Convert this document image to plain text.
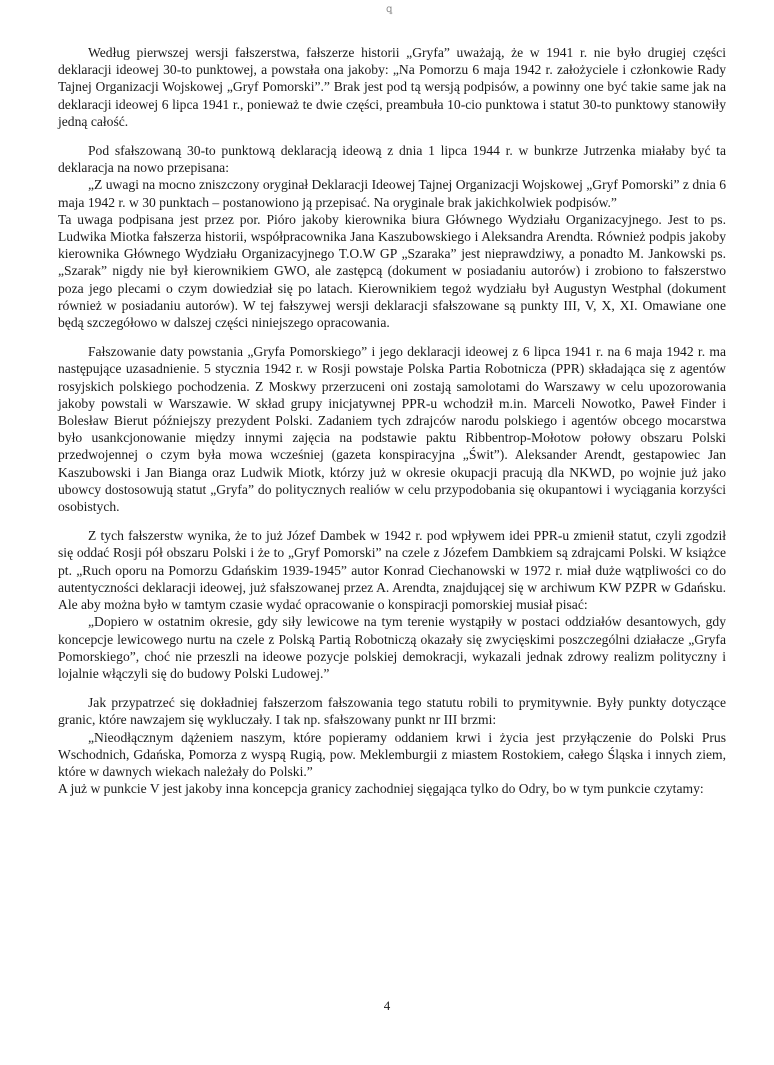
ꝗ

Według pierwszej wersji fałszerstwa, fałszerze historii „Gryfa” uważają, że w 1941 r. nie było drugiej części deklaracji ideowej 30-to punktowej, a powstała ona jakoby: „Na Pomorzu 6 maja 1942 r. założyciele i członkowie Rady Tajnej Organizacji Wojskowej „Gryf Pomorski”.” Brak jest pod tą wersją podpisów, a powinny one być takie same jak na deklaracji ideowej 6 lipca 1941 r., ponieważ te dwie części, preambuła 10-cio punktowa i statut 30-to punktowy stanowiły jedną całość.

Pod sfałszowaną 30-to punktową deklaracją ideową z dnia 1 lipca 1944 r. w bunkrze Jutrzenka miałaby być ta deklaracja na nowo przepisana:

„Z uwagi na mocno zniszczony oryginał Deklaracji Ideowej Tajnej Organizacji Wojskowej „Gryf Pomorski” z dnia 6 maja 1942 r. w 30 punktach – postanowiono ją przepisać. Na oryginale brak jakichkolwiek podpisów.”

Ta uwaga podpisana jest przez por. Pióro jakoby kierownika biura Głównego Wydziału Organizacyjnego. Jest to ps. Ludwika Miotka fałszerza historii, współpracownika Jana Kaszubowskiego i Aleksandra Arendta. Również podpis jakoby kierownika Głównego Wydziału Organizacyjnego T.O.W GP „Szaraka” jest nieprawdziwy, a ponadto M. Jankowski ps. „Szarak” nigdy nie był kierownikiem GWO, ale zastępcą (dokument w posiadaniu autorów) i zrobiono to fałszerstwo poza jego plecami o czym dowiedział się po latach. Kierownikiem tegoż wydziału był Augustyn Westphal (dokument również w posiadaniu autorów). W tej fałszywej wersji deklaracji sfałszowane są punkty III, V, X, XI. Omawiane one będą szczegółowo w dalszej części niniejszego opracowania.

Fałszowanie daty powstania „Gryfa Pomorskiego” i jego deklaracji ideowej z 6 lipca 1941 r. na 6 maja 1942 r. ma następujące uzasadnienie. 5 stycznia 1942 r. w Rosji powstaje Polska Partia Robotnicza (PPR) składająca się z agentów rosyjskich polskiego pochodzenia. Z Moskwy przerzuceni oni zostają samolotami do Warszawy w celu upozorowania jakoby powstali w Warszawie. W skład grupy inicjatywnej PPR-u wchodził m.in. Marceli Nowotko, Paweł Finder i Bolesław Bierut późniejszy prezydent Polski. Zadaniem tych zdrajców narodu polskiego i agentów obcego mocarstwa było usankcjonowanie między innymi zajęcia na podstawie paktu Ribbentrop-Mołotow połowy obszaru Polski przedwojennej o czym była mowa wcześniej (gazeta konspiracyjna „Świt”). Aleksander Arendt, gestapowiec Jan Kaszubowski i Jan Bianga oraz Ludwik Miotk, którzy już w okresie okupacji pracują dla NKWD, po wojnie już jako ubowcy dostosowują statut „Gryfa” do politycznych realiów w celu przypodobania się okupantowi i wyciągania korzyści osobistych.

Z tych fałszerstw wynika, że to już Józef Dambek w 1942 r. pod wpływem idei PPR-u zmienił statut, czyli zgodził się oddać Rosji pół obszaru Polski i że to „Gryf Pomorski” na czele z Józefem Dambkiem są zdrajcami Polski. W książce pt. „Ruch oporu na Pomorzu Gdańskim 1939-1945” autor Konrad Ciechanowski w 1972 r. miał duże wątpliwości co do autentyczności deklaracji ideowej, już sfałszowanej przez A. Arendta, znajdującej się w archiwum KW PZPR w Gdańsku. Ale aby można było w tamtym czasie wydać opracowanie o konspiracji pomorskiej musiał pisać:

„Dopiero w ostatnim okresie, gdy siły lewicowe na tym terenie wystąpiły w postaci oddziałów desantowych, gdy koncepcje lewicowego nurtu na czele z Polską Partią Robotniczą okazały się zwycięskimi poszczególni działacze „Gryfa Pomorskiego”, choć nie przeszli na ideowe pozycje polskiej demokracji, wykazali jednak zdrowy realizm polityczny i lojalnie włączyli się do budowy Polski Ludowej.”

Jak przypatrzeć się dokładniej fałszerzom fałszowania tego statutu robili to prymitywnie. Były punkty dotyczące granic, które nawzajem się wykluczały. I tak np. sfałszowany punkt nr III brzmi:

„Nieodłącznym dążeniem naszym, które popieramy oddaniem krwi i życia jest przyłączenie do Polski Prus Wschodnich, Gdańska, Pomorza z wyspą Rugią, pow. Meklemburgii z miastem Rostokiem, całego Śląska i innych ziem, które w dawnych wiekach należały do Polski.”

A już w punkcie V jest jakoby inna koncepcja granicy zachodniej sięgająca tylko do Odry, bo w tym punkcie czytamy:

4
